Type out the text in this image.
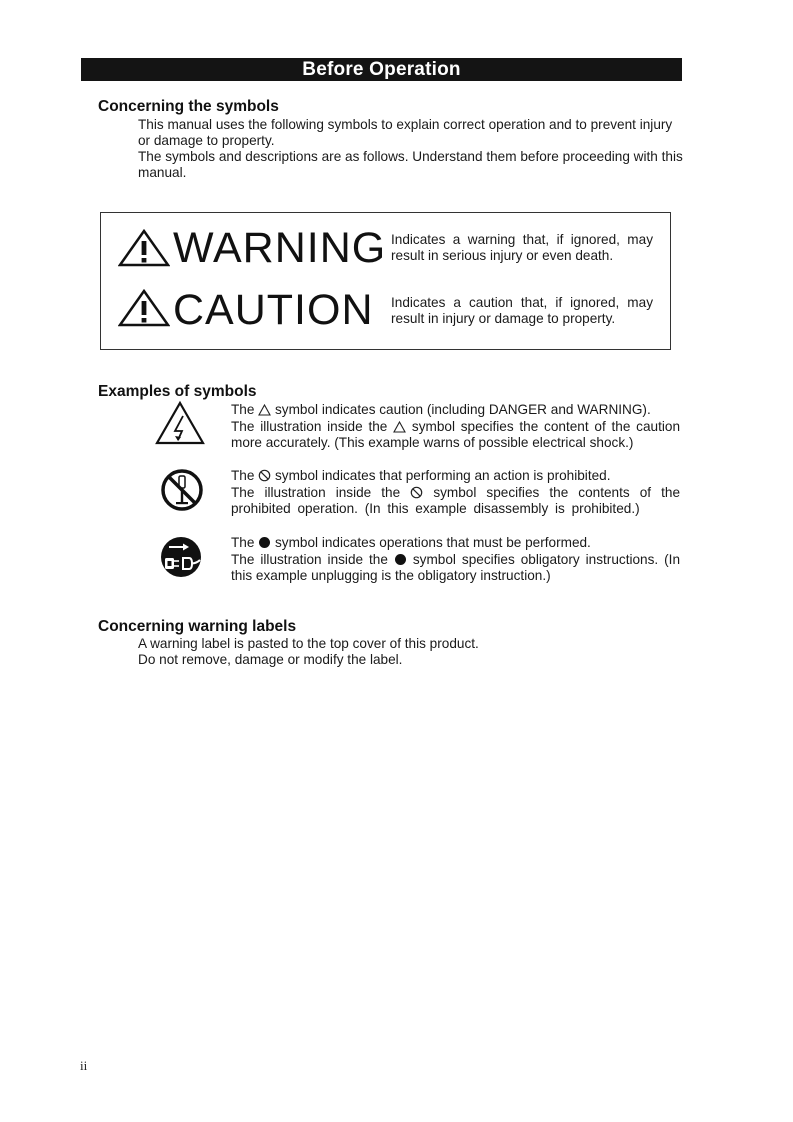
Before Operation
Concerning the symbols
This manual uses the following symbols to explain correct operation and to prevent injury or damage to property.
The symbols and descriptions are as follows. Understand them before proceeding with this manual.
WARNING Indicates a warning that, if ignored, may result in serious injury or even death.
CAUTION Indicates a caution that, if ignored, may result in injury or damage to property.
Examples of symbols
The symbol indicates caution (including DANGER and WARNING).
The illustration inside the symbol specifies the content of the caution more accurately. (This example warns of possible electrical shock.)
The symbol indicates that performing an action is prohibited.
The illustration inside the symbol specifies the contents of the prohibited operation. (In this example disassembly is prohibited.)
The symbol indicates operations that must be performed.
The illustration inside the symbol specifies obligatory instructions. (In this example unplugging is the obligatory instruction.)
Concerning warning labels
A warning label is pasted to the top cover of this product.
Do not remove, damage or modify the label.
ii
